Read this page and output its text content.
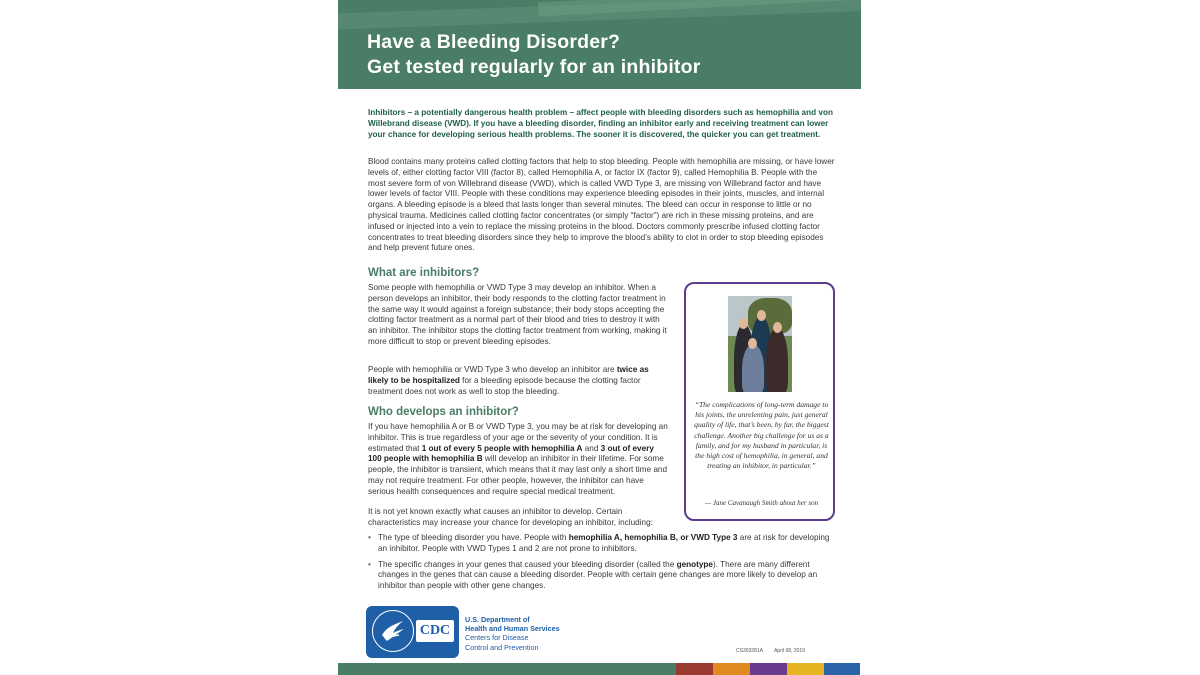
Have a Bleeding Disorder?
Get tested regularly for an inhibitor

Inhibitors – a potentially dangerous health problem – affect people with bleeding disorders such as hemophilia and von Willebrand disease (VWD). If you have a bleeding disorder, finding an inhibitor early and receiving treatment can lower your chance for developing serious health problems. The sooner it is discovered, the quicker you can get treatment.

Blood contains many proteins called clotting factors that help to stop bleeding. People with hemophilia are missing, or have lower levels of, either clotting factor VIII (factor 8), called Hemophilia A, or factor IX (factor 9), called Hemophilia B. People with the most severe form of von Willebrand disease (VWD), which is called VWD Type 3, are missing von Willebrand factor and have lower levels of factor VIII. People with these conditions may experience bleeding episodes in their joints, muscles, and internal organs. A bleeding episode is a bleed that lasts longer than several minutes. The bleed can occur in response to little or no physical trauma. Medicines called clotting factor concentrates (or simply “factor”) are rich in these missing proteins, and are infused or injected into a vein to replace the missing proteins in the blood. Doctors commonly prescribe infused clotting factor concentrates to treat bleeding disorders since they help to improve the blood’s ability to clot in order to stop bleeding episodes and help prevent future ones.

What are inhibitors?

Some people with hemophilia or VWD Type 3 may develop an inhibitor. When a person develops an inhibitor, their body responds to the clotting factor treatment in the same way it would against a foreign substance; their body stops accepting the clotting factor treatment as a normal part of their blood and tries to destroy it with an inhibitor. The inhibitor stops the clotting factor treatment from working, making it more difficult to stop or prevent bleeding episodes.

People with hemophilia or VWD Type 3 who develop an inhibitor are twice as likely to be hospitalized for a bleeding episode because the clotting factor treatment does not work as well to stop the bleeding.

Who develops an inhibitor?

If you have hemophilia A or B or VWD Type 3, you may be at risk for developing an inhibitor. This is true regardless of your age or the severity of your condition. It is estimated that 1 out of every 5 people with hemophilia A and 3 out of every 100 people with hemophilia B will develop an inhibitor in their lifetime. For some people, the inhibitor is transient, which means that it may last only a short time and may not require treatment. For other people, however, the inhibitor can have serious health consequences and require special medical treatment.

It is not yet known exactly what causes an inhibitor to develop. Certain characteristics may increase your chance for developing an inhibitor, including:

• The type of bleeding disorder you have. People with hemophilia A, hemophilia B, or VWD Type 3 are at risk for developing an inhibitor. People with VWD Types 1 and 2 are not prone to inhibitors.
• The specific changes in your genes that caused your bleeding disorder (called the genotype). There are many different changes in the genes that can cause a bleeding disorder. People with certain gene changes are more likely to develop an inhibitor than people with other gene changes.

“The complications of long-term damage to his joints, the unrelenting pain, just general quality of life, that’s been, by far, the biggest challenge. Another big challenge for us as a family, and for my husband in particular, is the high cost of hemophilia, in general, and treating an inhibitor, in particular.”

— Jane Cavanaugh Smith about her son

CDC
U.S. Department of
Health and Human Services
Centers for Disease
Control and Prevention	CS303281A April 08, 2019
